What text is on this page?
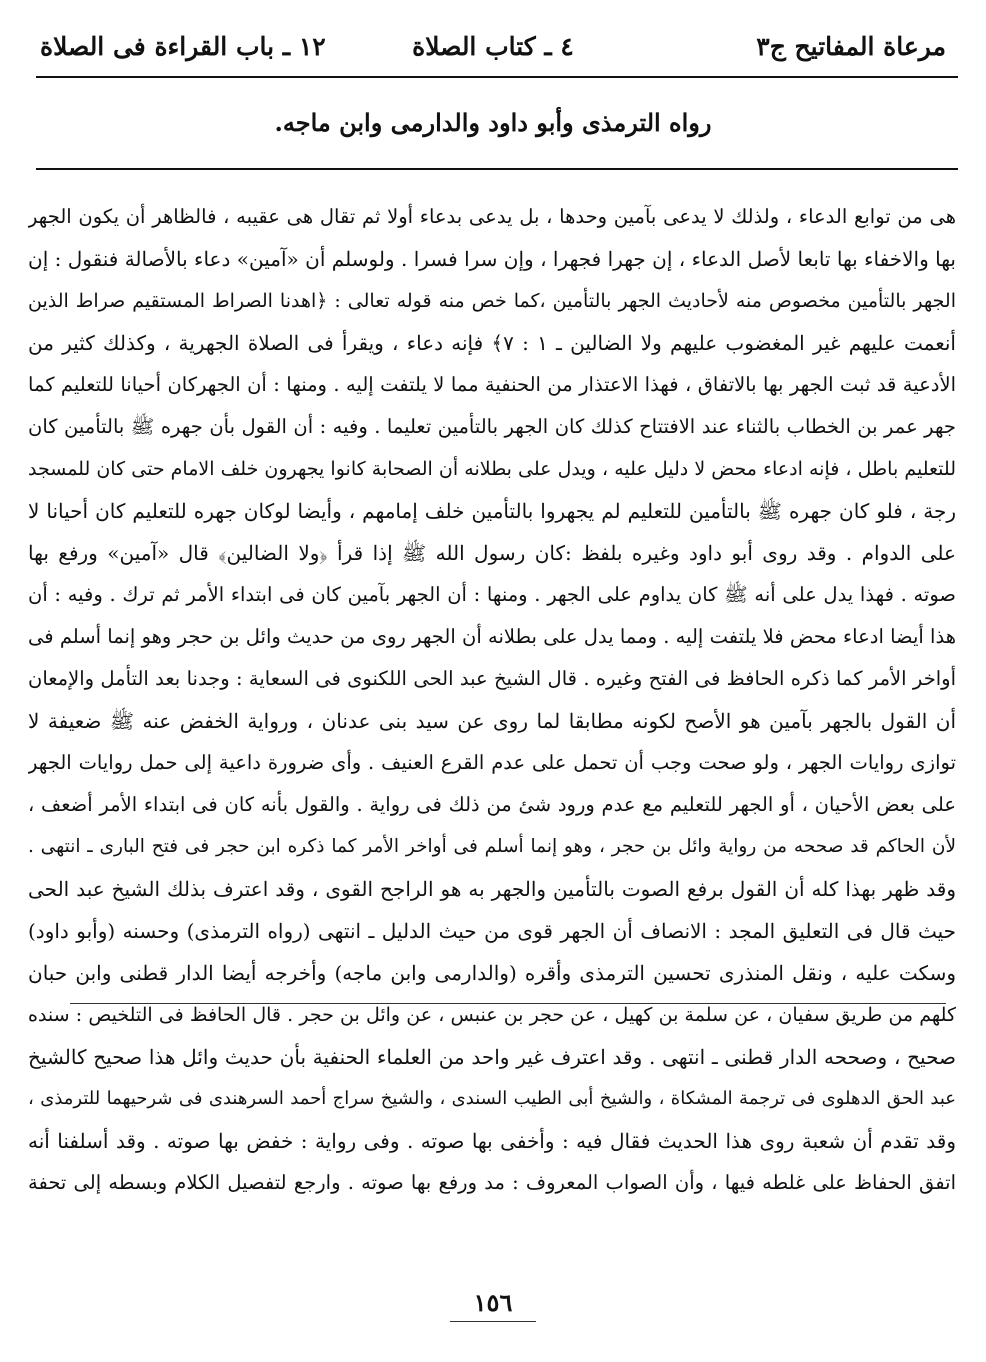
مرعاة المفاتيح ج٣
٤ ـ كتاب الصلاة
١٢ ـ باب القراءة فى الصلاة
رواه الترمذى وأبو داود والدارمى وابن ماجه.
هى من توابع الدعاء ، ولذلك لا يدعى بآمين وحدها ، بل يدعى بدعاء أولا ثم تقال هى عقيبه ، فالظاهر أن يكون الجهر
بها والاخفاء بها تابعا لأصل الدعاء ، إن جهرا فجهرا ، وإن سرا فسرا . ولوسلم أن «آمين» دعاء بالأصالة فنقول : إن
الجهر بالتأمين مخصوص منه لأحاديث الجهر بالتأمين ،كما خص منه قوله تعالى : ﴿اهدنا الصراط المستقيم صراط الذين
أنعمت عليهم غير المغضوب عليهم ولا الضالين ـ ١ : ٧﴾ فإنه دعاء ، ويقرأ فى الصلاة الجهرية ، وكذلك كثير من
الأدعية قد ثبت الجهر بها بالاتفاق ، فهذا الاعتذار من الحنفية مما لا يلتفت إليه . ومنها : أن الجهركان أحيانا للتعليم كما
جهر عمر بن الخطاب بالثناء عند الافتتاح كذلك كان الجهر بالتأمين تعليما . وفيه : أن القول بأن جهره ﷺ بالتأمين كان
للتعليم باطل ، فإنه ادعاء محض لا دليل عليه ، ويدل على بطلانه أن الصحابة كانوا يجهرون خلف الامام حتى كان للمسجد
رجة ، فلو كان جهره ﷺ بالتأمين للتعليم لم يجهروا بالتأمين خلف إمامهم ، وأيضا لوكان جهره للتعليم كان أحيانا لا
على الدوام . وقد روى أبو داود وغيره بلفظ :كان رسول الله ﷺ إذا قرأ ﴿ولا الضالين﴾ قال «آمين» ورفع بها
صوته . فهذا يدل على أنه ﷺ كان يداوم على الجهر . ومنها : أن الجهر بآمين كان فى ابتداء الأمر ثم ترك . وفيه : أن
هذا أيضا ادعاء محض فلا يلتفت إليه . ومما يدل على بطلانه أن الجهر روى من حديث وائل بن حجر وهو إنما أسلم فى
أواخر الأمر كما ذكره الحافظ فى الفتح وغيره . قال الشيخ عبد الحى اللكنوى فى السعاية : وجدنا بعد التأمل والإمعان
أن القول بالجهر بآمين هو الأصح لكونه مطابقا لما روى عن سيد بنى عدنان ، ورواية الخفض عنه ﷺ ضعيفة لا
توازى روايات الجهر ، ولو صحت وجب أن تحمل على عدم القرع العنيف . وأى ضرورة داعية إلى حمل روايات الجهر
على بعض الأحيان ، أو الجهر للتعليم مع عدم ورود شئ من ذلك فى رواية . والقول بأنه كان فى ابتداء الأمر أضعف ،
لأن الحاكم قد صححه من رواية وائل بن حجر ، وهو إنما أسلم فى أواخر الأمر كما ذكره ابن حجر فى فتح البارى ـ انتهى .
وقد ظهر بهذا كله أن القول برفع الصوت بالتأمين والجهر به هو الراجح القوى ، وقد اعترف بذلك الشيخ عبد الحى
حيث قال فى التعليق المجد : الانصاف أن الجهر قوى من حيث الدليل ـ انتهى (رواه الترمذى) وحسنه (وأبو داود)
وسكت عليه ، ونقل المنذرى تحسين الترمذى وأقره (والدارمى وابن ماجه) وأخرجه أيضا الدار قطنى وابن حبان
كلهم من طريق سفيان ، عن سلمة بن كهيل ، عن حجر بن عنبس ، عن وائل بن حجر . قال الحافظ فى التلخيص : سنده
صحيح ، وصححه الدار قطنى ـ انتهى . وقد اعترف غير واحد من العلماء الحنفية بأن حديث وائل هذا صحيح كالشيخ
عبد الحق الدهلوى فى ترجمة المشكاة ، والشيخ أبى الطيب السندى ، والشيخ سراج أحمد السرهندى فى شرحيهما للترمذى ،
وقد تقدم أن شعبة روى هذا الحديث فقال فيه : وأخفى بها صوته . وفى رواية : خفض بها صوته . وقد أسلفنا أنه
اتفق الحفاظ على غلطه فيها ، وأن الصواب المعروف : مد ورفع بها صوته . وارجع لتفصيل الكلام وبسطه إلى تحفة
١٥٦
